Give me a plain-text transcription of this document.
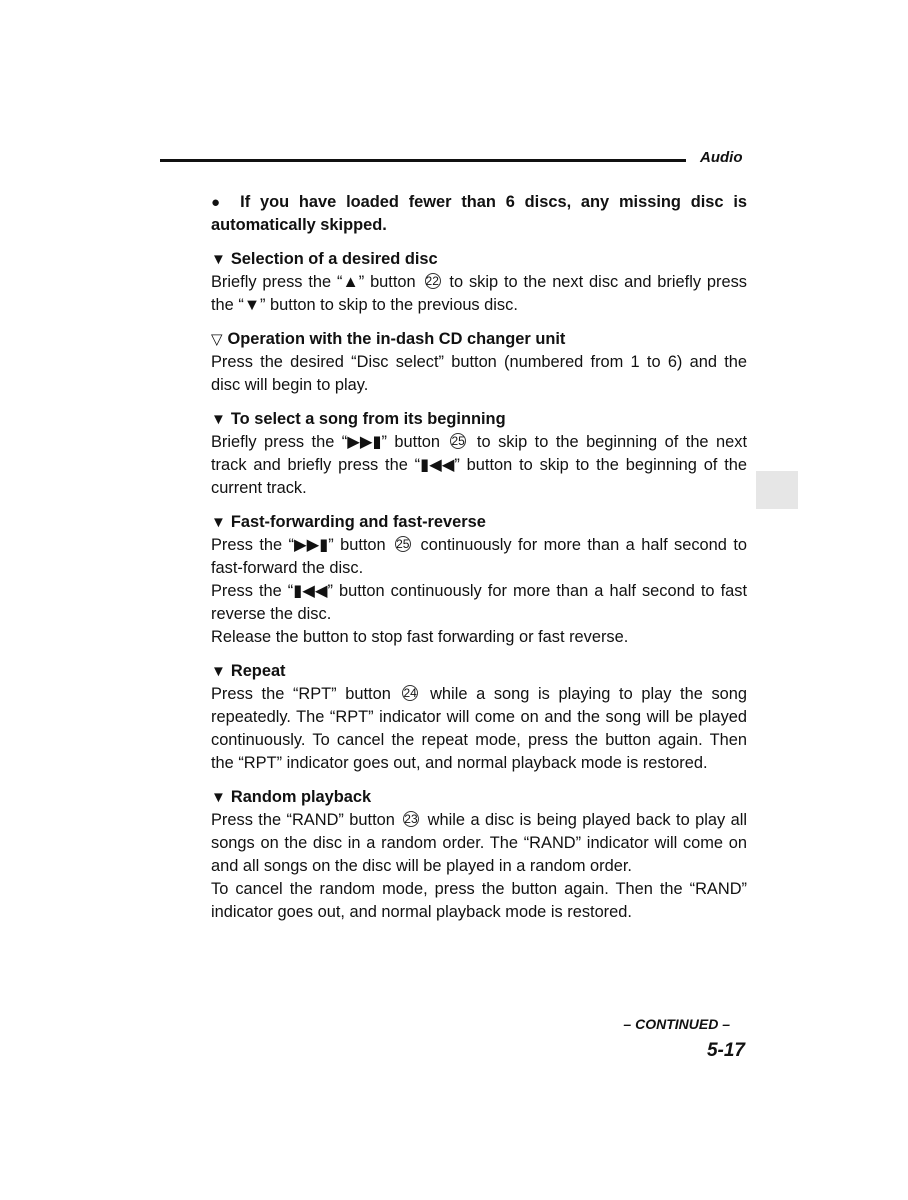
Audio
● If you have loaded fewer than 6 discs, any missing disc is automatically skipped.
▼ Selection of a desired disc
Briefly press the “▲” button 22 to skip to the next disc and briefly press the “▼” button to skip to the previous disc.
▽ Operation with the in-dash CD changer unit
Press the desired “Disc select” button (numbered from 1 to 6) and the disc will begin to play.
▼ To select a song from its beginning
Briefly press the “▶▶▮” button 25 to skip to the beginning of the next track and briefly press the “▮◀◀” button to skip to the beginning of the current track.
▼ Fast-forwarding and fast-reverse
Press the “▶▶▮” button 25 continuously for more than a half second to fast-forward the disc.
Press the “▮◀◀” button continuously for more than a half second to fast reverse the disc.
Release the button to stop fast forwarding or fast reverse.
▼ Repeat
Press the “RPT” button 24 while a song is playing to play the song repeatedly. The “RPT” indicator will come on and the song will be played continuously. To cancel the repeat mode, press the button again. Then the “RPT” indicator goes out, and normal playback mode is restored.
▼ Random playback
Press the “RAND” button 23 while a disc is being played back to play all songs on the disc in a random order. The “RAND” indicator will come on and all songs on the disc will be played in a random order.
To cancel the random mode, press the button again. Then the “RAND” indicator goes out, and normal playback mode is restored.
– CONTINUED –
5-17
